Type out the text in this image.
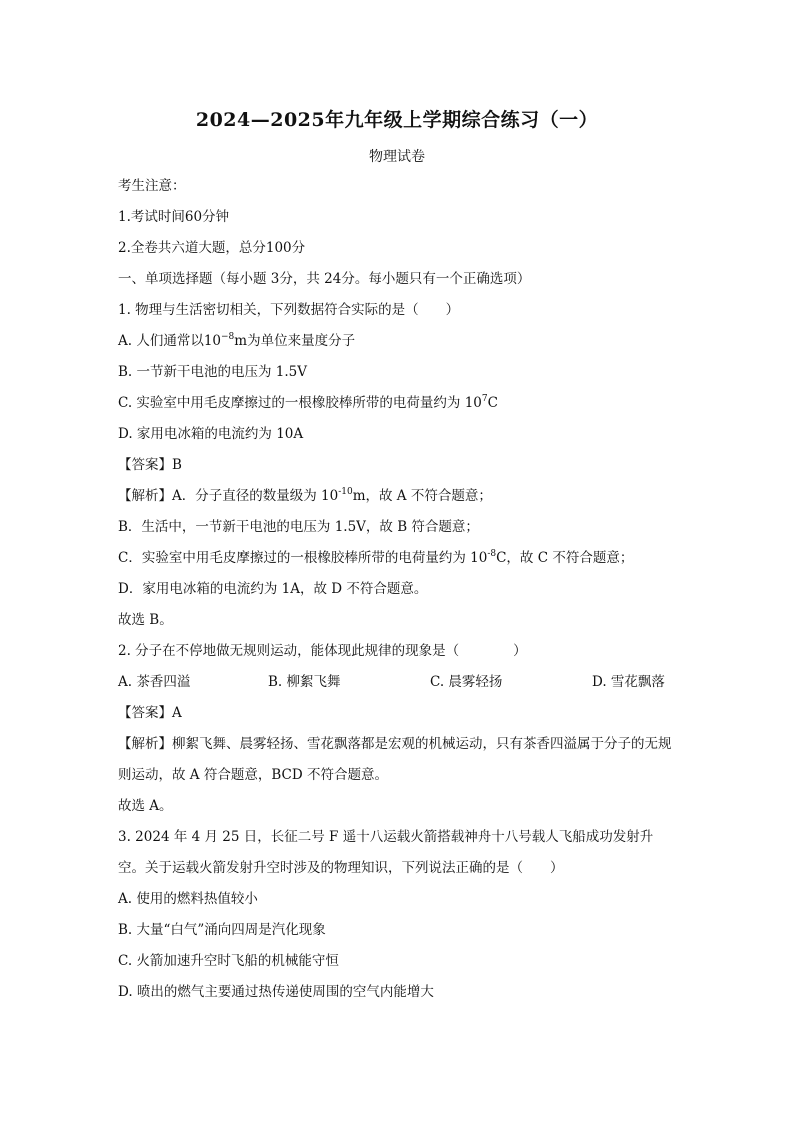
2024—2025年九年级上学期综合练习（一）
物理试卷
考生注意：
1.考试时间60分钟
2.全卷共六道大题，总分100分
一、单项选择题（每小题 3分，共 24分。每小题只有一个正确选项）
1. 物理与生活密切相关，下列数据符合实际的是（　　）
A. 人们通常以$10^{-8}m$为单位来量度分子
B. 一节新干电池的电压为 1.5V
C. 实验室中用毛皮摩擦过的一根橡胶棒所带的电荷量约为 $10^7C$
D. 家用电冰箱的电流约为 10A
【答案】B
【解析】A．分子直径的数量级为 $10^{-10}m$，故 A 不符合题意；
B．生活中，一节新干电池的电压为 1.5V，故 B 符合题意；
C．实验室中用毛皮摩擦过的一根橡胶棒所带的电荷量约为 $10^{-8}C$，故 C 不符合题意；
D．家用电冰箱的电流约为 1A，故 D 不符合题意。
故选 B。
2. 分子在不停地做无规则运动，能体现此规律的现象是（　　　　）
A. 茶香四溢	B. 柳絮飞舞	C. 晨雾轻扬	D. 雪花飘落
【答案】A
【解析】柳絮飞舞、晨雾轻扬、雪花飘落都是宏观的机械运动，只有茶香四溢属于分子的无规则运动，故 A 符合题意，BCD 不符合题意。
故选 A。
3. 2024 年 4 月 25 日，长征二号 F 遥十八运载火箭搭载神舟十八号载人飞船成功发射升空。关于运载火箭发射升空时涉及的物理知识，下列说法正确的是（　　）
A. 使用的燃料热值较小
B. 大量“白气”涌向四周是汽化现象
C. 火箭加速升空时飞船的机械能守恒
D. 喷出的燃气主要通过热传递使周围的空气内能增大
